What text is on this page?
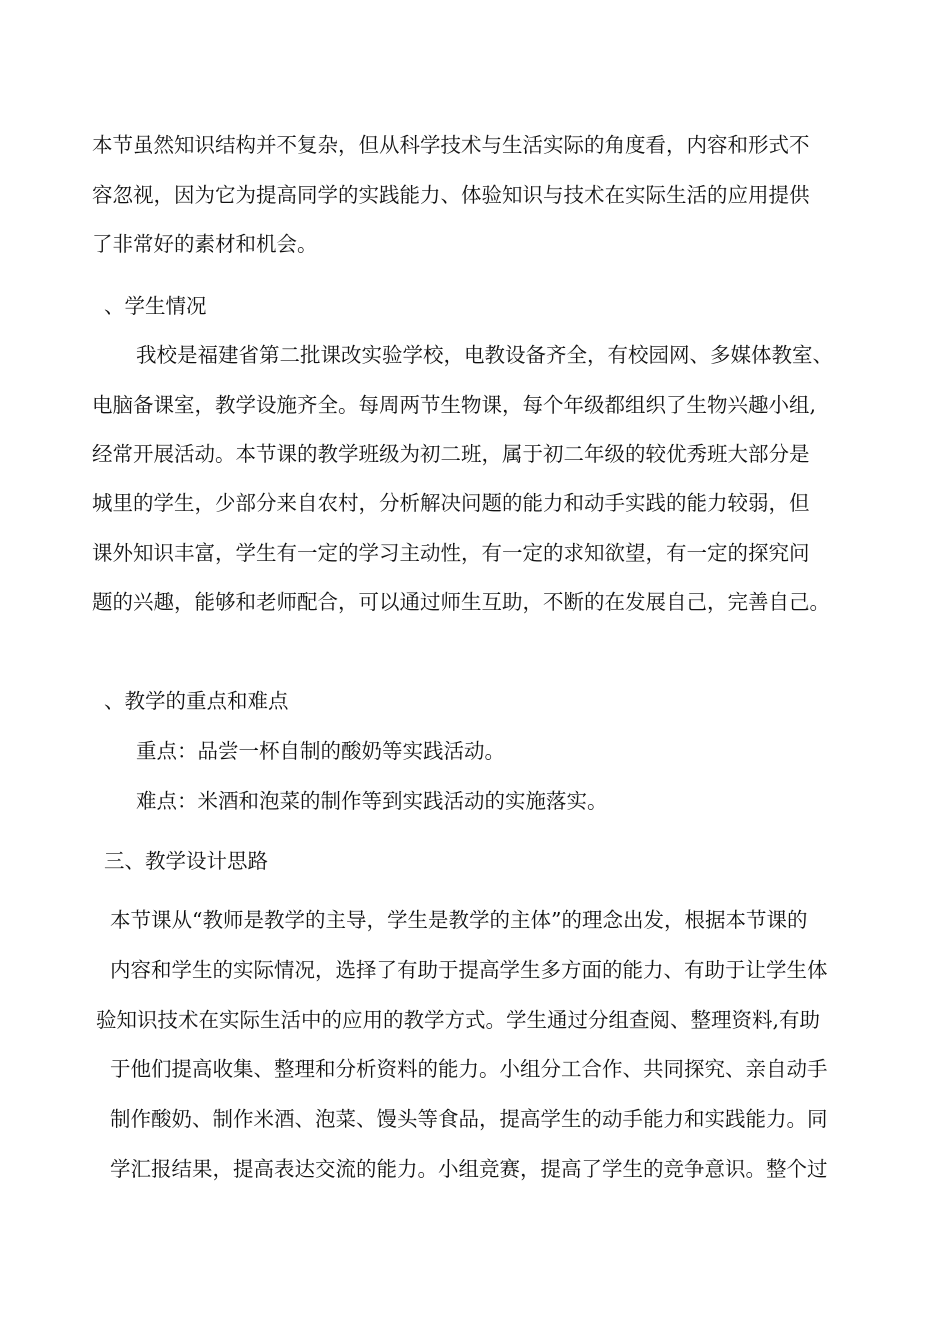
本节虽然知识结构并不复杂，但从科学技术与生活实际的角度看，内容和形式不
容忽视，因为它为提高同学的实践能力、体验知识与技术在实际生活的应用提供
了非常好的素材和机会。
、学生情况
我校是福建省第二批课改实验学校，电教设备齐全，有校园网、多媒体教室、
电脑备课室，教学设施齐全。每周两节生物课，每个年级都组织了生物兴趣小组,
经常开展活动。本节课的教学班级为初二班，属于初二年级的较优秀班大部分是
城里的学生，少部分来自农村，分析解决问题的能力和动手实践的能力较弱，但
课外知识丰富，学生有一定的学习主动性，有一定的求知欲望，有一定的探究问
题的兴趣，能够和老师配合，可以通过师生互助，不断的在发展自己，完善自己。
、教学的重点和难点
重点：品尝一杯自制的酸奶等实践活动。
难点：米酒和泡菜的制作等到实践活动的实施落实。
三、教学设计思路
本节课从“教师是教学的主导，学生是教学的主体”的理念出发，根据本节课的
内容和学生的实际情况，选择了有助于提高学生多方面的能力、有助于让学生体
验知识技术在实际生活中的应用的教学方式。学生通过分组查阅、整理资料,有助
于他们提高收集、整理和分析资料的能力。小组分工合作、共同探究、亲自动手
制作酸奶、制作米酒、泡菜、馒头等食品，提高学生的动手能力和实践能力。同
学汇报结果，提高表达交流的能力。小组竞赛，提高了学生的竞争意识。整个过
